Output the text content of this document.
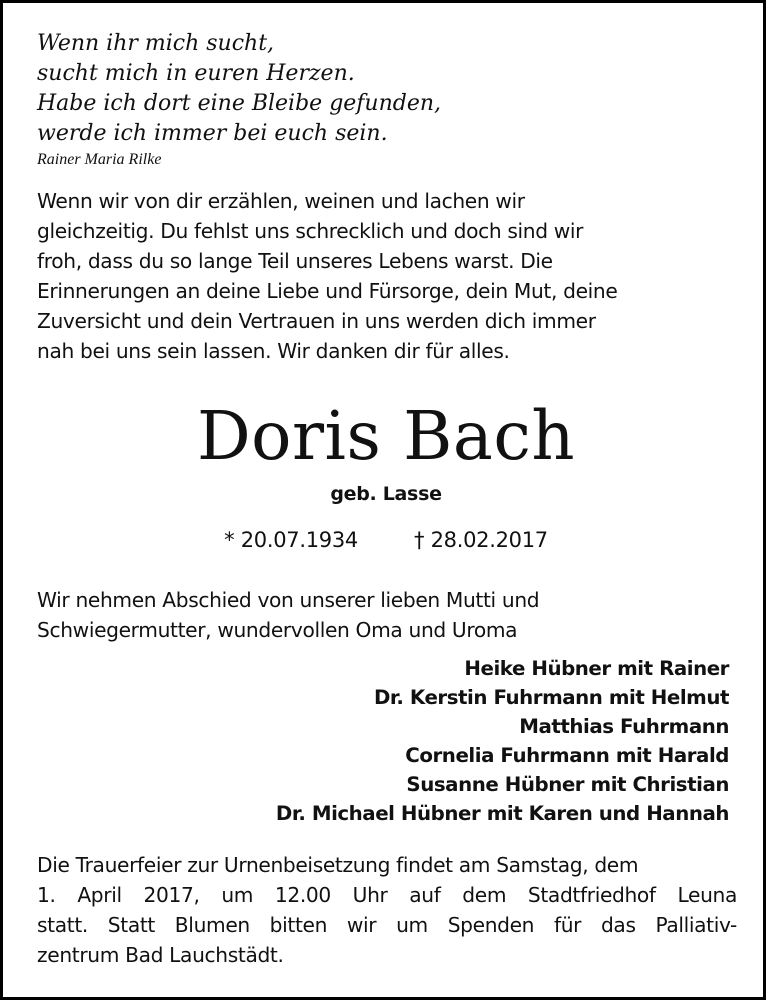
Wenn ihr mich sucht,
sucht mich in euren Herzen.
Habe ich dort eine Bleibe gefunden,
werde ich immer bei euch sein.
Rainer Maria Rilke
Wenn wir von dir erzählen, weinen und lachen wir
gleichzeitig. Du fehlst uns schrecklich und doch sind wir
froh, dass du so lange Teil unseres Lebens warst. Die
Erinnerungen an deine Liebe und Fürsorge, dein Mut, deine
Zuversicht und dein Vertrauen in uns werden dich immer
nah bei uns sein lassen. Wir danken dir für alles.
Doris Bach
geb. Lasse
* 20.07.1934	† 28.02.2017
Wir nehmen Abschied von unserer lieben Mutti und
Schwiegermutter, wundervollen Oma und Uroma
Heike Hübner mit Rainer
Dr. Kerstin Fuhrmann mit Helmut
Matthias Fuhrmann
Cornelia Fuhrmann mit Harald
Susanne Hübner mit Christian
Dr. Michael Hübner mit Karen und Hannah
Die Trauerfeier zur Urnenbeisetzung findet am Samstag, dem
1. April 2017, um 12.00 Uhr auf dem Stadtfriedhof Leuna
statt. Statt Blumen bitten wir um Spenden für das Palliativ-
zentrum Bad Lauchstädt.
